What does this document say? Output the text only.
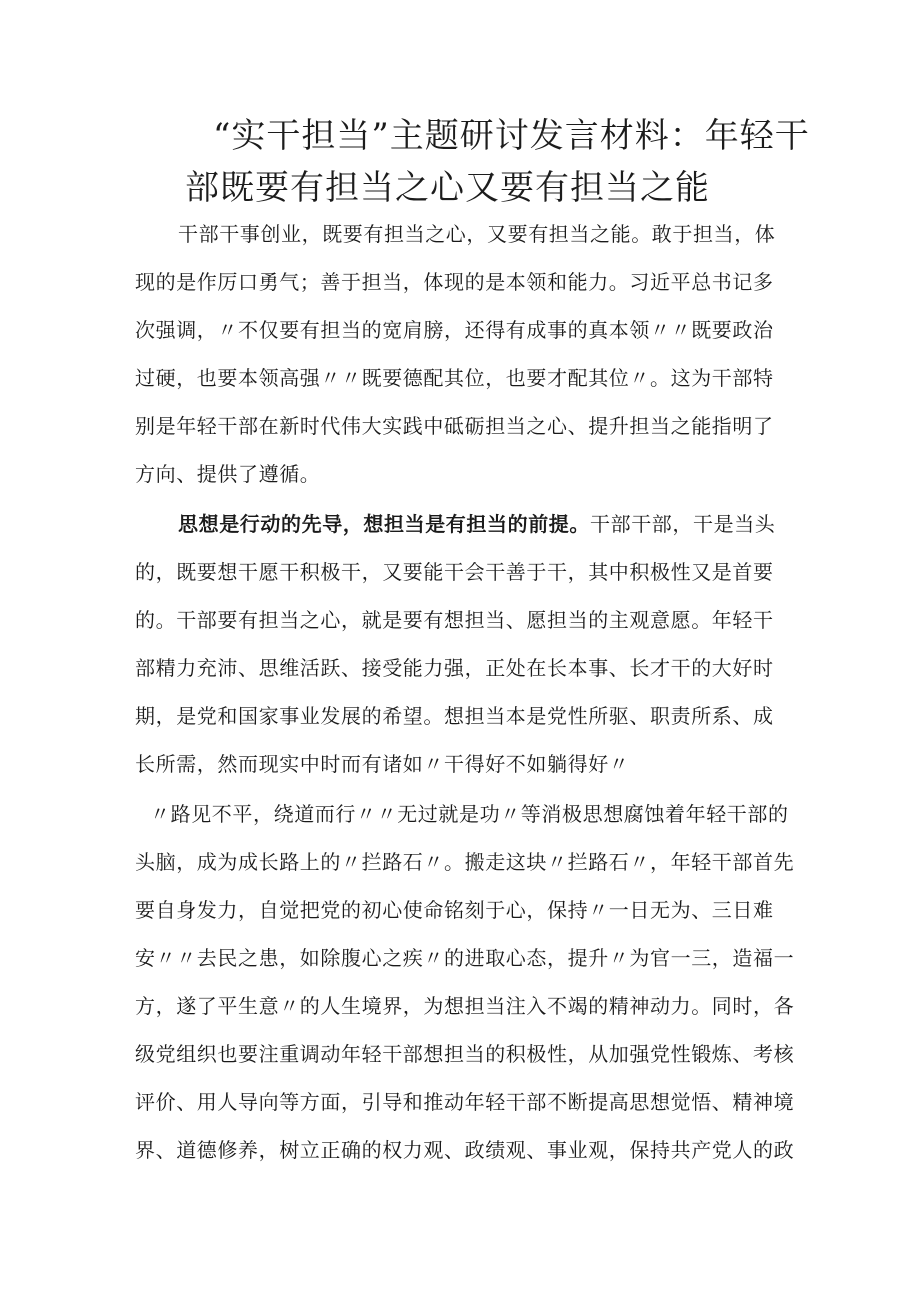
“实干担当”主题研讨发言材料：年轻干
部既要有担当之心又要有担当之能
干部干事创业，既要有担当之心，又要有担当之能。敢于担当，体
现的是作厉口勇气；善于担当，体现的是本领和能力。习近平总书记多
次强调，〃不仅要有担当的宽肩膀，还得有成事的真本领〃〃既要政治
过硬，也要本领高强〃〃既要德配其位，也要才配其位〃。这为干部特
别是年轻干部在新时代伟大实践中砥砺担当之心、提升担当之能指明了
方向、提供了遵循。
思想是行动的先导，想担当是有担当的前提。干部干部，干是当头
的，既要想干愿干积极干，又要能干会干善于干，其中积极性又是首要
的。干部要有担当之心，就是要有想担当、愿担当的主观意愿。年轻干
部精力充沛、思维活跃、接受能力强，正处在长本事、长才干的大好时
期，是党和国家事业发展的希望。想担当本是党性所驱、职责所系、成
长所需，然而现实中时而有诸如〃干得好不如躺得好〃
〃路见不平，绕道而行〃〃无过就是功〃等消极思想腐蚀着年轻干部的
头脑，成为成长路上的〃拦路石〃。搬走这块〃拦路石〃，年轻干部首先
要自身发力，自觉把党的初心使命铭刻于心，保持〃一日无为、三日难
安〃〃去民之患，如除腹心之疾〃的进取心态，提升〃为官一三，造福一
方，遂了平生意〃的人生境界，为想担当注入不竭的精神动力。同时，各
级党组织也要注重调动年轻干部想担当的积极性，从加强党性锻炼、考核
评价、用人导向等方面，引导和推动年轻干部不断提高思想觉悟、精神境
界、道德修养，树立正确的权力观、政绩观、事业观，保持共产党人的政
